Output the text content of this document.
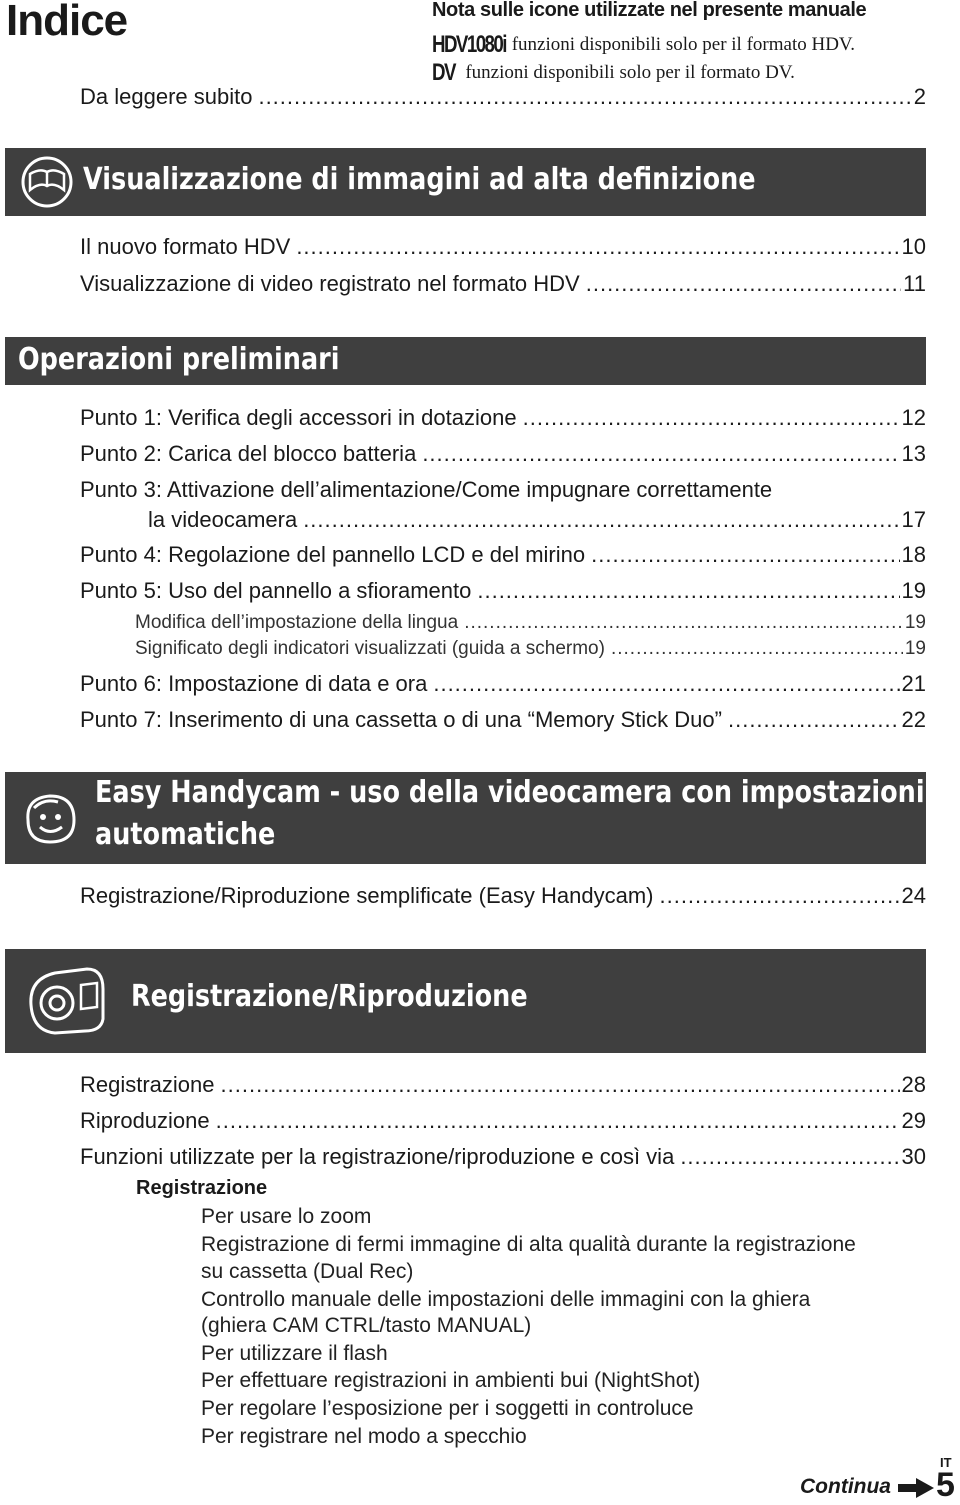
Indice	Nota sulle icone utilizzate nel presente manuale
HDV1080i funzioni disponibili solo per il formato HDV.
DV funzioni disponibili solo per il formato DV.
Da leggere subito .....	2
Visualizzazione di immagini ad alta definizione
Il nuovo formato HDV .....	10
Visualizzazione di video registrato nel formato HDV .....	11
Operazioni preliminari
Punto 1: Verifica degli accessori in dotazione .....	12
Punto 2: Carica del blocco batteria .....	13
Punto 3: Attivazione dell’alimentazione/Come impugnare correttamente
la videocamera .....	17
Punto 4: Regolazione del pannello LCD e del mirino .....	18
Punto 5: Uso del pannello a sfioramento .....	19
Modifica dell’impostazione della lingua .....	19
Significato degli indicatori visualizzati (guida a schermo) .....	19
Punto 6: Impostazione di data e ora .....	21
Punto 7: Inserimento di una cassetta o di una “Memory Stick Duo” .....	22
Easy Handycam - uso della videocamera con impostazioni
automatiche
Registrazione/Riproduzione semplificate (Easy Handycam) .....	24
Registrazione/Riproduzione
Registrazione .....	28
Riproduzione .....	29
Funzioni utilizzate per la registrazione/riproduzione e così via .....	30
Registrazione
Per usare lo zoom
Registrazione di fermi immagine di alta qualità durante la registrazione
su cassetta (Dual Rec)
Controllo manuale delle impostazioni delle immagini con la ghiera
(ghiera CAM CTRL/tasto MANUAL)
Per utilizzare il flash
Per effettuare registrazioni in ambienti bui (NightShot)
Per regolare l’esposizione per i soggetti in controluce
Per registrare nel modo a specchio
Continua
IT
5
